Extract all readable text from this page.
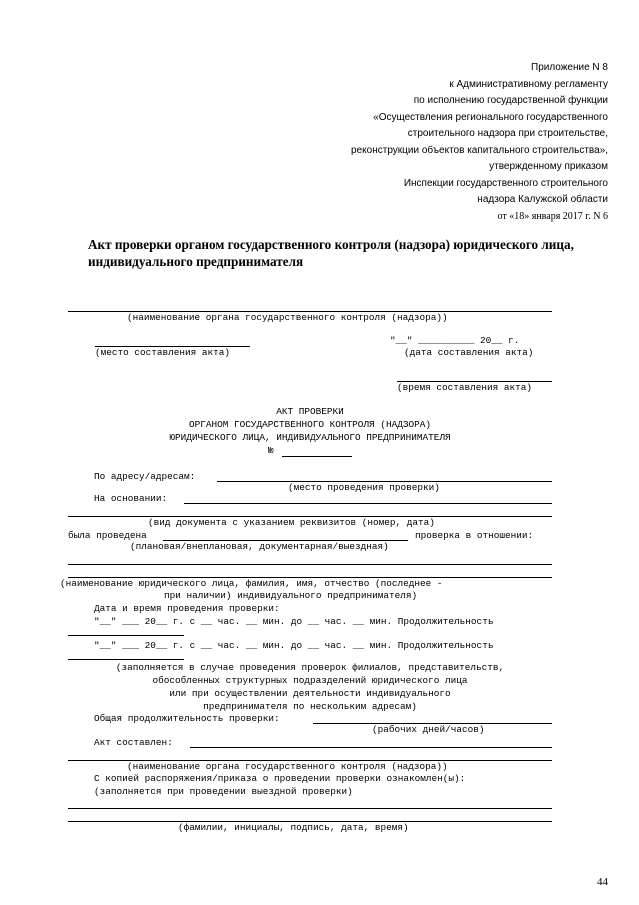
Приложение N 8
к Административному регламенту
по исполнению государственной функции
«Осуществления регионального государственного
строительного надзора при строительстве,
реконструкции объектов капитального строительства»,
утвержденному приказом
Инспекции государственного строительного
надзора Калужской области
от «18» января 2017 г. N 6
Акт проверки органом государственного контроля (надзора) юридического лица, индивидуального предпринимателя
(наименование органа государственного контроля (надзора))
"__" __________ 20__ г.
(место составления акта)	(дата составления акта)
(время составления акта)
АКТ ПРОВЕРКИ
ОРГАНОМ ГОСУДАРСТВЕННОГО КОНТРОЛЯ (НАДЗОРА)
ЮРИДИЧЕСКОГО ЛИЦА, ИНДИВИДУАЛЬНОГО ПРЕДПРИНИМАТЕЛЯ
№
По адресу/адресам:
(место проведения проверки)
На основании:
(вид документа с указанием реквизитов (номер, дата)
была проведена	проверка в отношении:
(плановая/внеплановая, документарная/выездная)
(наименование юридического лица, фамилия, имя, отчество (последнее -
при наличии) индивидуального предпринимателя)
Дата и время проведения проверки:
"__" ___ 20__ г. с __ час. __ мин. до __ час. __ мин. Продолжительность
"__" ___ 20__ г. с __ час. __ мин. до __ час. __ мин. Продолжительность
(заполняется в случае проведения проверок филиалов, представительств,
обособленных структурных подразделений юридического лица
или при осуществлении деятельности индивидуального
предпринимателя по нескольким адресам)
Общая продолжительность проверки:
(рабочих дней/часов)
Акт составлен:
(наименование органа государственного контроля (надзора))
С копией распоряжения/приказа о проведении проверки ознакомлен(ы):
(заполняется при проведении выездной проверки)
(фамилии, инициалы, подпись, дата, время)
44
